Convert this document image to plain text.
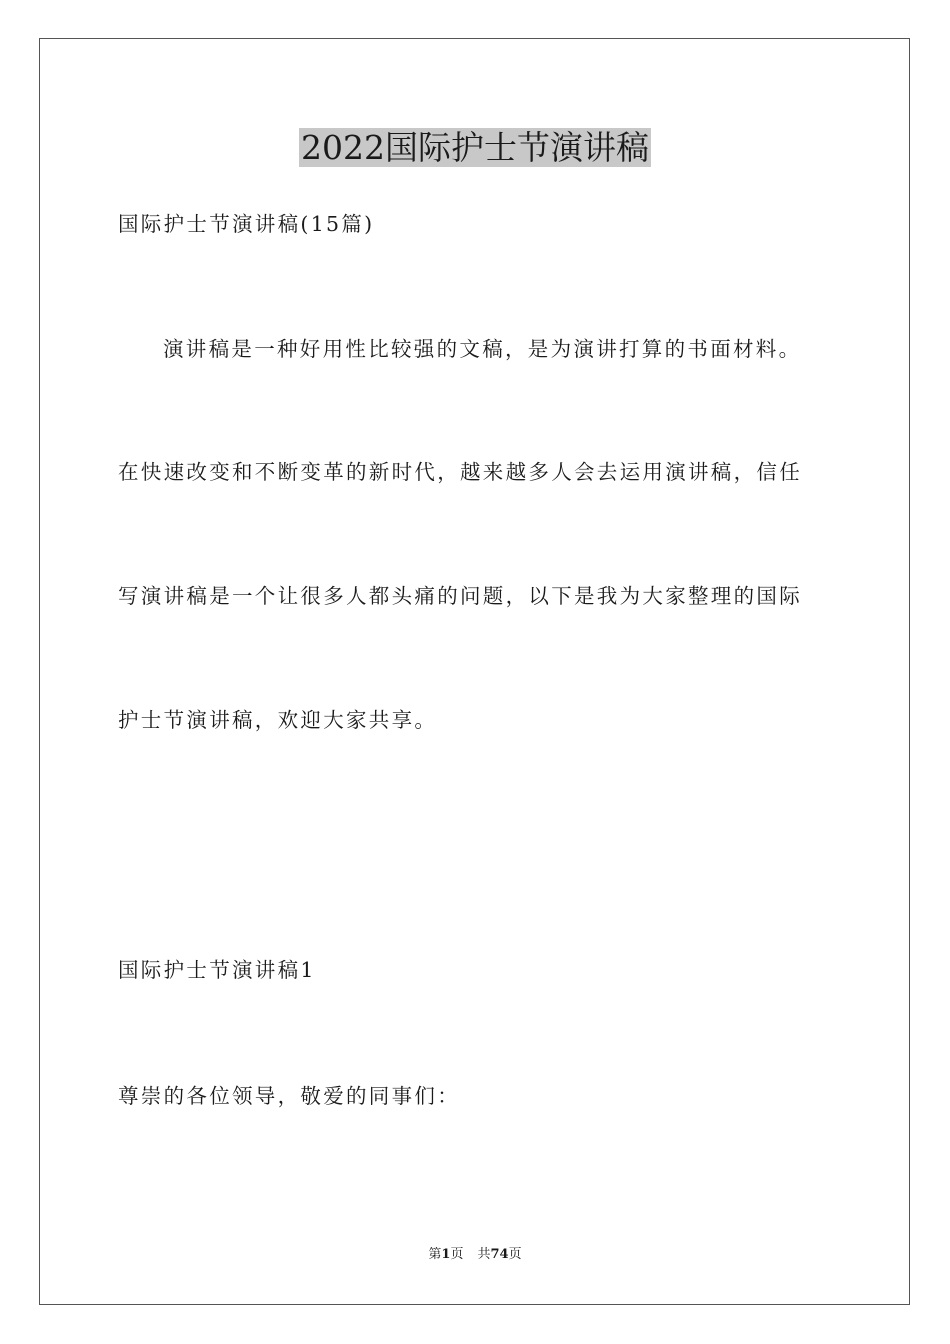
2022国际护士节演讲稿

国际护士节演讲稿(15篇)

演讲稿是一种好用性比较强的文稿，是为演讲打算的书面材料。

在快速改变和不断变革的新时代，越来越多人会去运用演讲稿，信任

写演讲稿是一个让很多人都头痛的问题，以下是我为大家整理的国际

护士节演讲稿，欢迎大家共享。

国际护士节演讲稿1

尊崇的各位领导，敬爱的同事们：

第1页 共74页
